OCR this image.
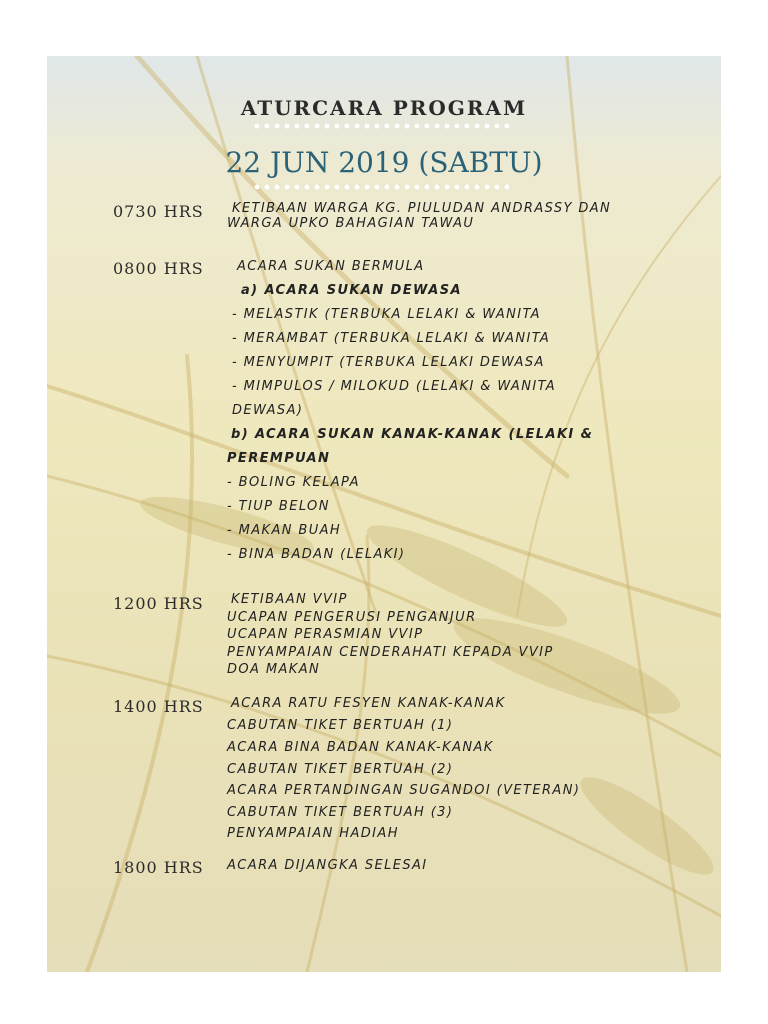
ATURCARA PROGRAM
22 JUN 2019 (SABTU)
0730 HRS KETIBAAN WARGA KG. PIULUDAN ANDRASSY DAN
WARGA UPKO BAHAGIAN TAWAU
0800 HRS	ACARA SUKAN BERMULA
a) ACARA SUKAN DEWASA
- MELASTIK (TERBUKA LELAKI & WANITA
- MERAMBAT (TERBUKA LELAKI & WANITA
- MENYUMPIT (TERBUKA LELAKI DEWASA
- MIMPULOS / MILOKUD (LELAKI & WANITA
DEWASA)
b) ACARA SUKAN KANAK-KANAK (LELAKI &
PEREMPUAN
- BOLING KELAPA
- TIUP BELON
- MAKAN BUAH
- BINA BADAN (LELAKI)
1200 HRS KETIBAAN VVIP
UCAPAN PENGERUSI PENGANJUR
UCAPAN PERASMIAN VVIP
PENYAMPAIAN CENDERAHATI KEPADA VVIP
DOA MAKAN
1400 HRS ACARA RATU FESYEN KANAK-KANAK
CABUTAN TIKET BERTUAH (1)
ACARA BINA BADAN KANAK-KANAK
CABUTAN TIKET BERTUAH (2)
ACARA PERTANDINGAN SUGANDOI (VETERAN)
CABUTAN TIKET BERTUAH (3)
PENYAMPAIAN HADIAH
1800 HRS ACARA DIJANGKA SELESAI
